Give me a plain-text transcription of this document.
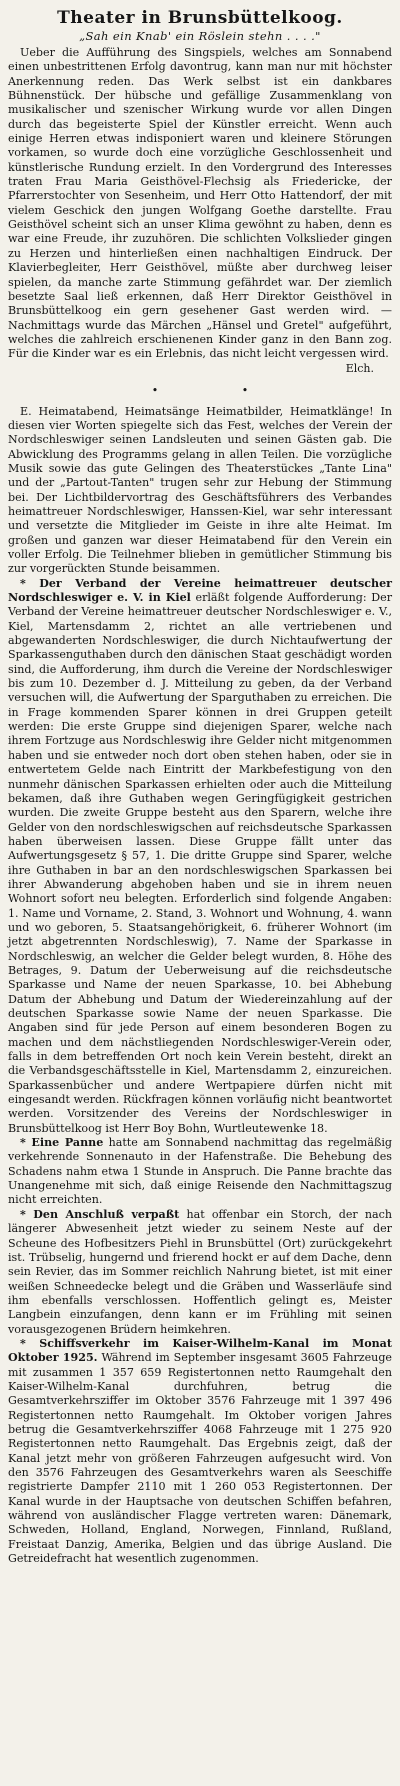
Theater in Brunsbüttelkoog.
„Sah ein Knab' ein Röslein stehn . . . ."

Ueber die Aufführung des Singspiels, welches am Sonnabend einen unbestrittenen Erfolg davontrug, kann man nur mit höchster Anerkennung reden. Das Werk selbst ist ein dankbares Bühnenstück. Der hübsche und gefällige Zusammenklang von musikalischer und szenischer Wirkung wurde vor allen Dingen durch das begeisterte Spiel der Künstler erreicht. Wenn auch einige Herren etwas indisponiert waren und kleinere Störungen vorkamen, so wurde doch eine vorzügliche Geschlossenheit und künstlerische Rundung erzielt. In den Vordergrund des Interesses traten Frau Maria Geisthövel-Flechsig als Friedericke, der Pfarrerstochter von Sesenheim, und Herr Otto Hattendorf, der mit vielem Geschick den jungen Wolfgang Goethe darstellte. Frau Geisthövel scheint sich an unser Klima gewöhnt zu haben, denn es war eine Freude, ihr zuzuhören. Die schlichten Volkslieder gingen zu Herzen und hinterließen einen nachhaltigen Eindruck. Der Klavierbegleiter, Herr Geisthövel, müßte aber durchweg leiser spielen, da manche zarte Stimmung gefährdet war. Der ziemlich besetzte Saal ließ erkennen, daß Herr Direktor Geisthövel in Brunsbüttelkoog ein gern gesehener Gast werden wird. — Nachmittags wurde das Märchen „Hänsel und Gretel" aufgeführt, welches die zahlreich erschienenen Kinder ganz in den Bann zog. Für die Kinder war es ein Erlebnis, das nicht leicht vergessen wird.

Elch.
• •

E. Heimatabend, Heimatsänge Heimatbilder, Heimatklänge! In diesen vier Worten spiegelte sich das Fest, welches der Verein der Nordschleswiger seinen Landsleuten und seinen Gästen gab. Die Abwicklung des Programms gelang in allen Teilen. Die vorzügliche Musik sowie das gute Gelingen des Theaterstückes „Tante Lina" und der „Partout-Tanten" trugen sehr zur Hebung der Stimmung bei. Der Lichtbildervortrag des Geschäftsführers des Verbandes heimattreuer Nordschleswiger, Hanssen-Kiel, war sehr interessant und versetzte die Mitglieder im Geiste in ihre alte Heimat. Im großen und ganzen war dieser Heimatabend für den Verein ein voller Erfolg. Die Teilnehmer blieben in gemütlicher Stimmung bis zur vorgerückten Stunde beisammen.

* Der Verband der Vereine heimattreuer deutscher Nordschleswiger e. V. in Kiel erläßt folgende Aufforderung: Der Verband der Vereine heimattreuer deutscher Nordschleswiger e. V., Kiel, Martensdamm 2, richtet an alle vertriebenen und abgewanderten Nordschleswiger, die durch Nichtaufwertung der Sparkassenguthaben durch den dänischen Staat geschädigt worden sind, die Aufforderung, ihm durch die Vereine der Nordschleswiger bis zum 10. Dezember d. J. Mitteilung zu geben, da der Verband versuchen will, die Aufwertung der Sparguthaben zu erreichen. Die in Frage kommenden Sparer können in drei Gruppen geteilt werden: Die erste Gruppe sind diejenigen Sparer, welche nach ihrem Fortzuge aus Nordschleswig ihre Gelder nicht mitgenommen haben und sie entweder noch dort oben stehen haben, oder sie in entwertetem Gelde nach Eintritt der Markbefestigung von den nunmehr dänischen Sparkassen erhielten oder auch die Mitteilung bekamen, daß ihre Guthaben wegen Geringfügigkeit gestrichen wurden. Die zweite Gruppe besteht aus den Sparern, welche ihre Gelder von den nordschleswigschen auf reichsdeutsche Sparkassen haben überweisen lassen. Diese Gruppe fällt unter das Aufwertungsgesetz § 57, 1. Die dritte Gruppe sind Sparer, welche ihre Guthaben in bar an den nordschleswigschen Sparkassen bei ihrer Abwanderung abgehoben haben und sie in ihrem neuen Wohnort sofort neu belegten. Erforderlich sind folgende Angaben: 1. Name und Vorname, 2. Stand, 3. Wohnort und Wohnung, 4. wann und wo geboren, 5. Staatsangehörigkeit, 6. früherer Wohnort (im jetzt abgetrennten Nordschleswig), 7. Name der Sparkasse in Nordschleswig, an welcher die Gelder belegt wurden, 8. Höhe des Betrages, 9. Datum der Ueberweisung auf die reichsdeutsche Sparkasse und Name der neuen Sparkasse, 10. bei Abhebung Datum der Abhebung und Datum der Wiedereinzahlung auf der deutschen Sparkasse sowie Name der neuen Sparkasse. Die Angaben sind für jede Person auf einem besonderen Bogen zu machen und dem nächstliegenden Nordschleswiger-Verein oder, falls in dem betreffenden Ort noch kein Verein besteht, direkt an die Verbandsgeschäftsstelle in Kiel, Martensdamm 2, einzureichen. Sparkassenbücher und andere Wertpapiere dürfen nicht mit eingesandt werden. Rückfragen können vorläufig nicht beantwortet werden. Vorsitzender des Vereins der Nordschleswiger in Brunsbüttelkoog ist Herr Boy Bohn, Wurtleutewenke 18.

* Eine Panne hatte am Sonnabend nachmittag das regelmäßig verkehrende Sonnenauto in der Hafenstraße. Die Behebung des Schadens nahm etwa 1 Stunde in Anspruch. Die Panne brachte das Unangenehme mit sich, daß einige Reisende den Nachmittagszug nicht erreichten.

* Den Anschluß verpaßt hat offenbar ein Storch, der nach längerer Abwesenheit jetzt wieder zu seinem Neste auf der Scheune des Hofbesitzers Piehl in Brunsbüttel (Ort) zurückgekehrt ist. Trübselig, hungernd und frierend hockt er auf dem Dache, denn sein Revier, das im Sommer reichlich Nahrung bietet, ist mit einer weißen Schneedecke belegt und die Gräben und Wasserläufe sind ihm ebenfalls verschlossen. Hoffentlich gelingt es, Meister Langbein einzufangen, denn kann er im Frühling mit seinen vorausgezogenen Brüdern heimkehren.

* Schiffsverkehr im Kaiser-Wilhelm-Kanal im Monat Oktober 1925. Während im September insgesamt 3605 Fahrzeuge mit zusammen 1 357 659 Registertonnen netto Raumgehalt den Kaiser-Wilhelm-Kanal durchfuhren, betrug die Gesamtverkehrsziffer im Oktober 3576 Fahrzeuge mit 1 397 496 Registertonnen netto Raumgehalt. Im Oktober vorigen Jahres betrug die Gesamtverkehrsziffer 4068 Fahrzeuge mit 1 275 920 Registertonnen netto Raumgehalt. Das Ergebnis zeigt, daß der Kanal jetzt mehr von größeren Fahrzeugen aufgesucht wird. Von den 3576 Fahrzeugen des Gesamtverkehrs waren als Seeschiffe registrierte Dampfer 2110 mit 1 260 053 Registertonnen. Der Kanal wurde in der Hauptsache von deutschen Schiffen befahren, während von ausländischer Flagge vertreten waren: Dänemark, Schweden, Holland, England, Norwegen, Finnland, Rußland, Freistaat Danzig, Amerika, Belgien und das übrige Ausland. Die Getreidefracht hat wesentlich zugenommen.
